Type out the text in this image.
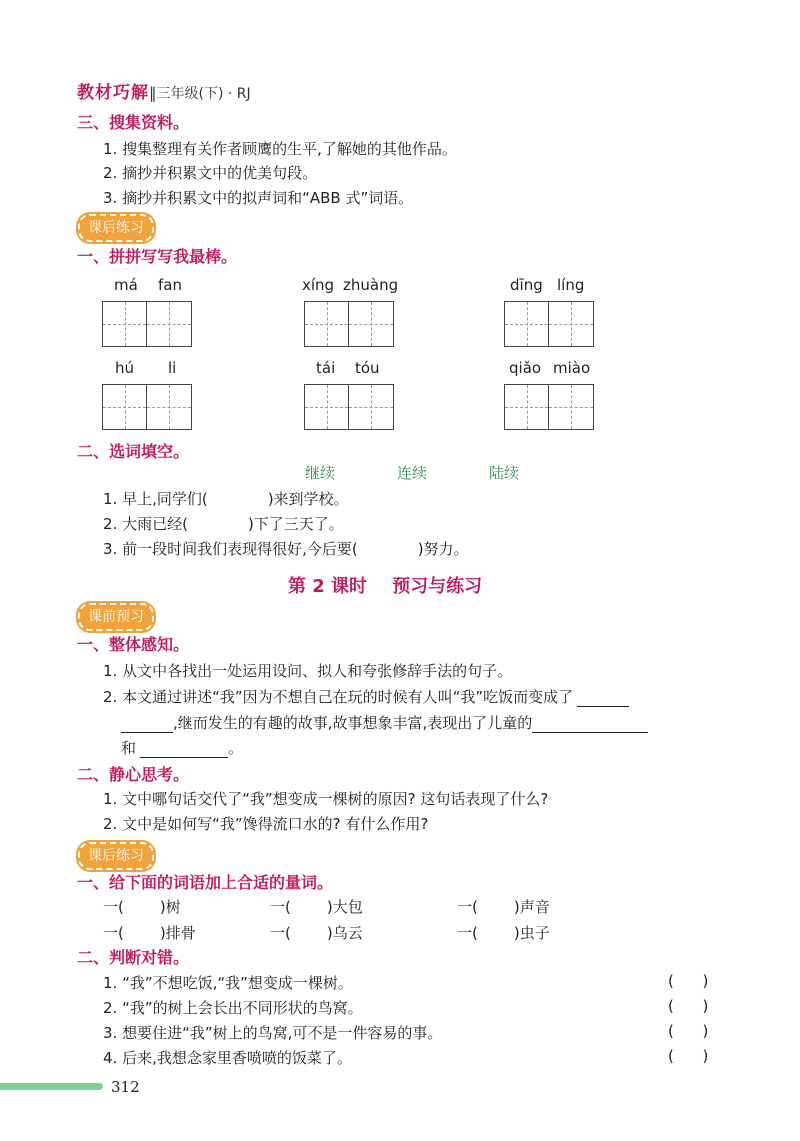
教材巧解‖三年级(下) · RJ
三、搜集资料。
1. 搜集整理有关作者顾鹰的生平,了解她的其他作品。
2. 摘抄并积累文中的优美句段。
3. 摘抄并积累文中的拟声词和“ABB 式”词语。
课后练习
一、拼拼写写我最棒。
má fan	xíng zhuàng	dīng líng
hú li	tái tóu	qiǎo miào
二、选词填空。
继续	连续	陆续
1. 早上,同学们(	)来到学校。
2. 大雨已经(	)下了三天了。
3. 前一段时间我们表现得很好,今后要(	)努力。
第 2 课时    预习与练习
课前预习
一、整体感知。
1. 从文中各找出一处运用设问、拟人和夸张修辞手法的句子。
2. 本文通过讲述“我”因为不想自己在玩的时候有人叫“我”吃饭而变成了
,继而发生的有趣的故事,故事想象丰富,表现出了儿童的
和	。
二、静心思考。
1. 文中哪句话交代了“我”想变成一棵树的原因? 这句话表现了什么?
2. 文中是如何写“我”馋得流口水的? 有什么作用?
课后练习
一、给下面的词语加上合适的量词。
一( )树	一( )大包	一( )声音
一( )排骨	一( )乌云	一( )虫子
二、判断对错。
1. “我”不想吃饭,“我”想变成一棵树。	(      )
2. “我”的树上会长出不同形状的鸟窝。	(      )
3. 想要住进“我”树上的鸟窝,可不是一件容易的事。	(      )
4. 后来,我想念家里香喷喷的饭菜了。	(      )
312
